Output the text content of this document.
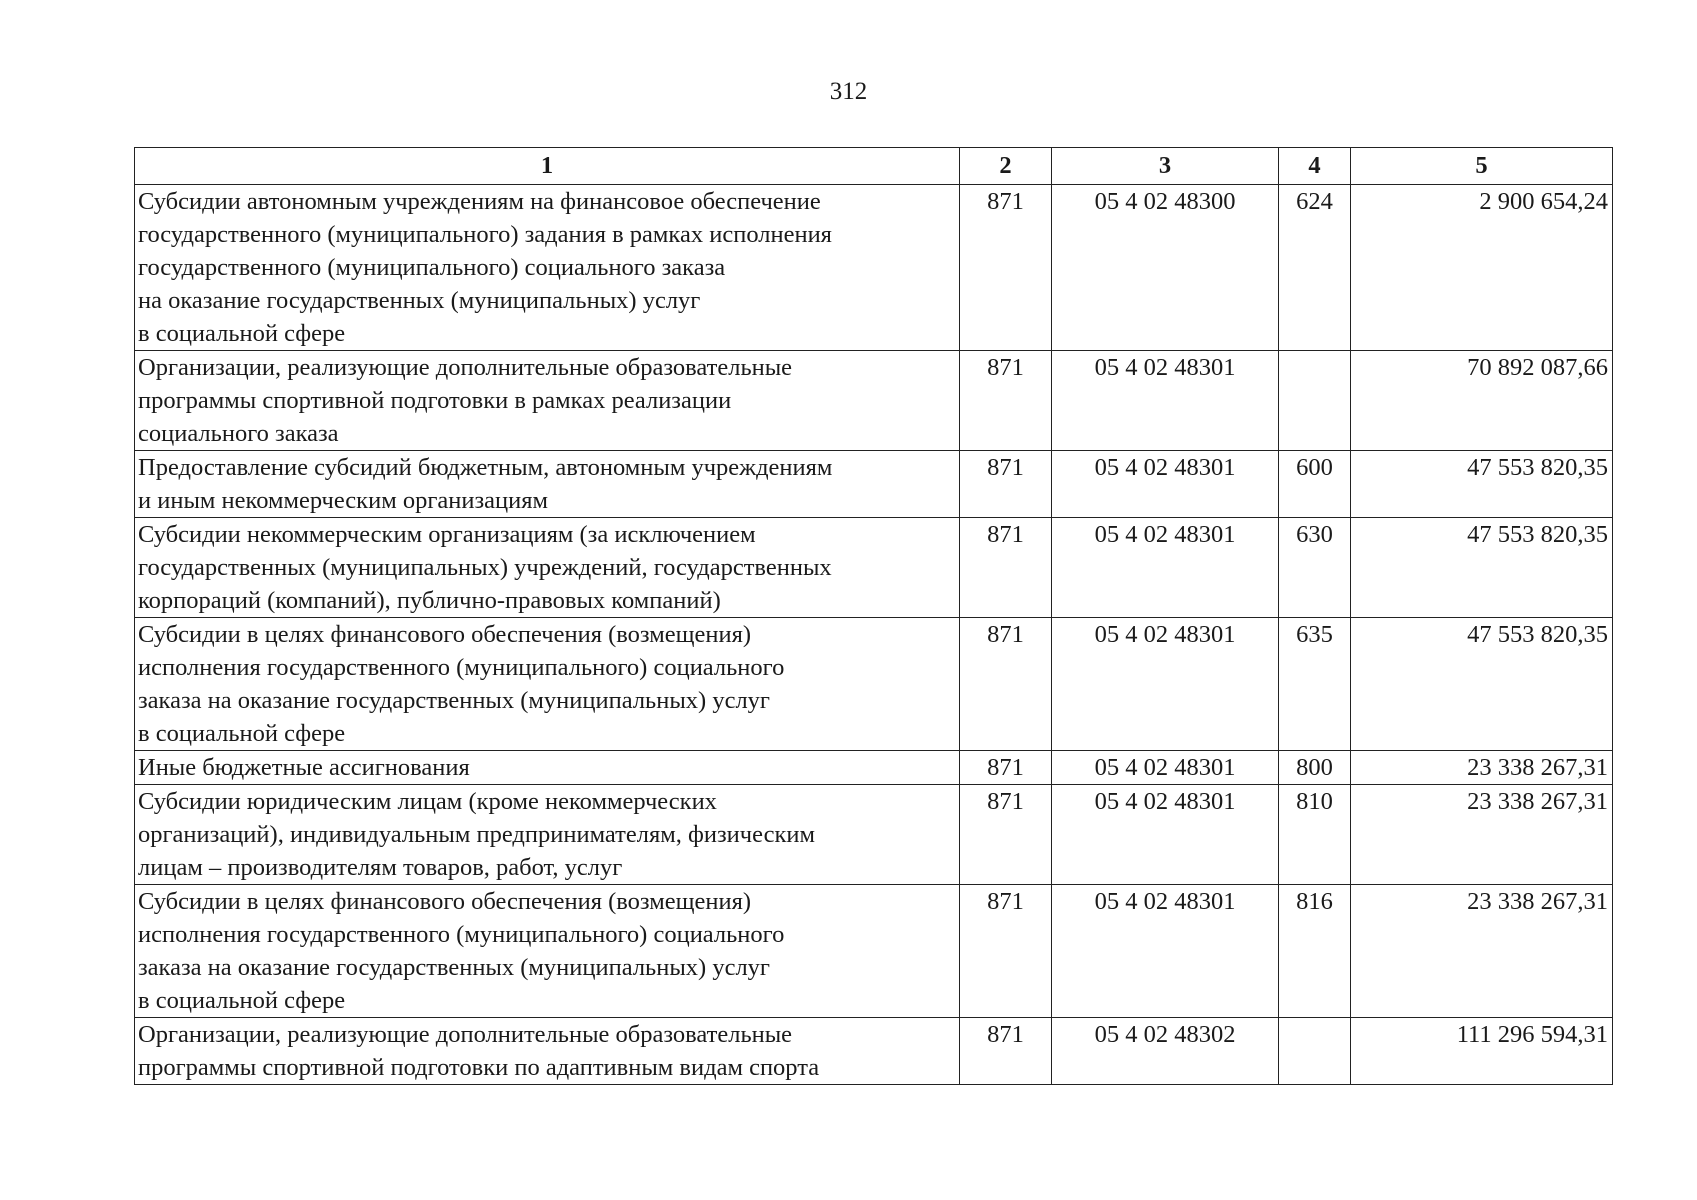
312
1	2	3	4	5
Субсидии автономным учреждениям на финансовое обеспечение
государственного (муниципального) задания в рамках исполнения
государственного (муниципального) социального заказа
на оказание государственных (муниципальных) услуг
в социальной сфере	871	05 4 02 48300	624	2 900 654,24
Организации, реализующие дополнительные образовательные
программы спортивной подготовки в рамках реализации
социального заказа	871	05 4 02 48301		70 892 087,66
Предоставление субсидий бюджетным, автономным учреждениям
и иным некоммерческим организациям	871	05 4 02 48301	600	47 553 820,35
Субсидии некоммерческим организациям (за исключением
государственных (муниципальных) учреждений, государственных
корпораций (компаний), публично-правовых компаний)	871	05 4 02 48301	630	47 553 820,35
Субсидии в целях финансового обеспечения (возмещения)
исполнения государственного (муниципального) социального
заказа на оказание государственных (муниципальных) услуг
в социальной сфере	871	05 4 02 48301	635	47 553 820,35
Иные бюджетные ассигнования	871	05 4 02 48301	800	23 338 267,31
Субсидии юридическим лицам (кроме некоммерческих
организаций), индивидуальным предпринимателям, физическим
лицам – производителям товаров, работ, услуг	871	05 4 02 48301	810	23 338 267,31
Субсидии в целях финансового обеспечения (возмещения)
исполнения государственного (муниципального) социального
заказа на оказание государственных (муниципальных) услуг
в социальной сфере	871	05 4 02 48301	816	23 338 267,31
Организации, реализующие дополнительные образовательные
программы спортивной подготовки по адаптивным видам спорта	871	05 4 02 48302		111 296 594,31
